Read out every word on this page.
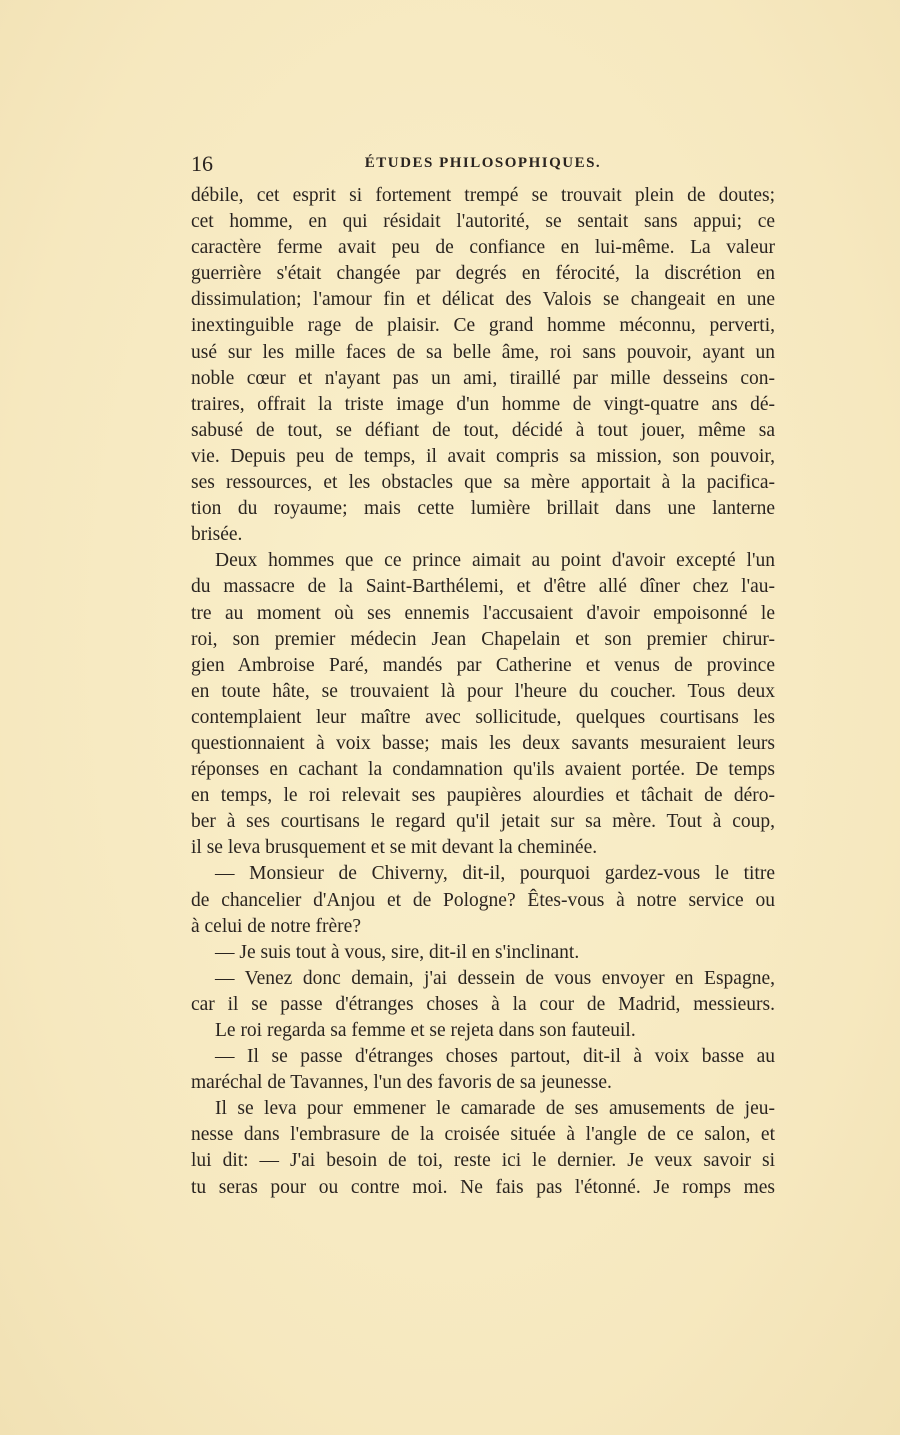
16	ÉTUDES PHILOSOPHIQUES.
débile, cet esprit si fortement trempé se trouvait plein de doutes;
cet homme, en qui résidait l'autorité, se sentait sans appui; ce
caractère ferme avait peu de confiance en lui-même. La valeur
guerrière s'était changée par degrés en férocité, la discrétion en
dissimulation; l'amour fin et délicat des Valois se changeait en une
inextinguible rage de plaisir. Ce grand homme méconnu, perverti,
usé sur les mille faces de sa belle âme, roi sans pouvoir, ayant un
noble cœur et n'ayant pas un ami, tiraillé par mille desseins con-
traires, offrait la triste image d'un homme de vingt-quatre ans dé-
sabusé de tout, se défiant de tout, décidé à tout jouer, même sa
vie. Depuis peu de temps, il avait compris sa mission, son pouvoir,
ses ressources, et les obstacles que sa mère apportait à la pacifica-
tion du royaume; mais cette lumière brillait dans une lanterne
brisée.
Deux hommes que ce prince aimait au point d'avoir excepté l'un
du massacre de la Saint-Barthélemi, et d'être allé dîner chez l'au-
tre au moment où ses ennemis l'accusaient d'avoir empoisonné le
roi, son premier médecin Jean Chapelain et son premier chirur-
gien Ambroise Paré, mandés par Catherine et venus de province
en toute hâte, se trouvaient là pour l'heure du coucher. Tous deux
contemplaient leur maître avec sollicitude, quelques courtisans les
questionnaient à voix basse; mais les deux savants mesuraient leurs
réponses en cachant la condamnation qu'ils avaient portée. De temps
en temps, le roi relevait ses paupières alourdies et tâchait de déro-
ber à ses courtisans le regard qu'il jetait sur sa mère. Tout à coup,
il se leva brusquement et se mit devant la cheminée.
— Monsieur de Chiverny, dit-il, pourquoi gardez-vous le titre
de chancelier d'Anjou et de Pologne? Êtes-vous à notre service ou
à celui de notre frère?
— Je suis tout à vous, sire, dit-il en s'inclinant.
— Venez donc demain, j'ai dessein de vous envoyer en Espagne,
car il se passe d'étranges choses à la cour de Madrid, messieurs.
Le roi regarda sa femme et se rejeta dans son fauteuil.
— Il se passe d'étranges choses partout, dit-il à voix basse au
maréchal de Tavannes, l'un des favoris de sa jeunesse.
Il se leva pour emmener le camarade de ses amusements de jeu-
nesse dans l'embrasure de la croisée située à l'angle de ce salon, et
lui dit: — J'ai besoin de toi, reste ici le dernier. Je veux savoir si
tu seras pour ou contre moi. Ne fais pas l'étonné. Je romps mes
